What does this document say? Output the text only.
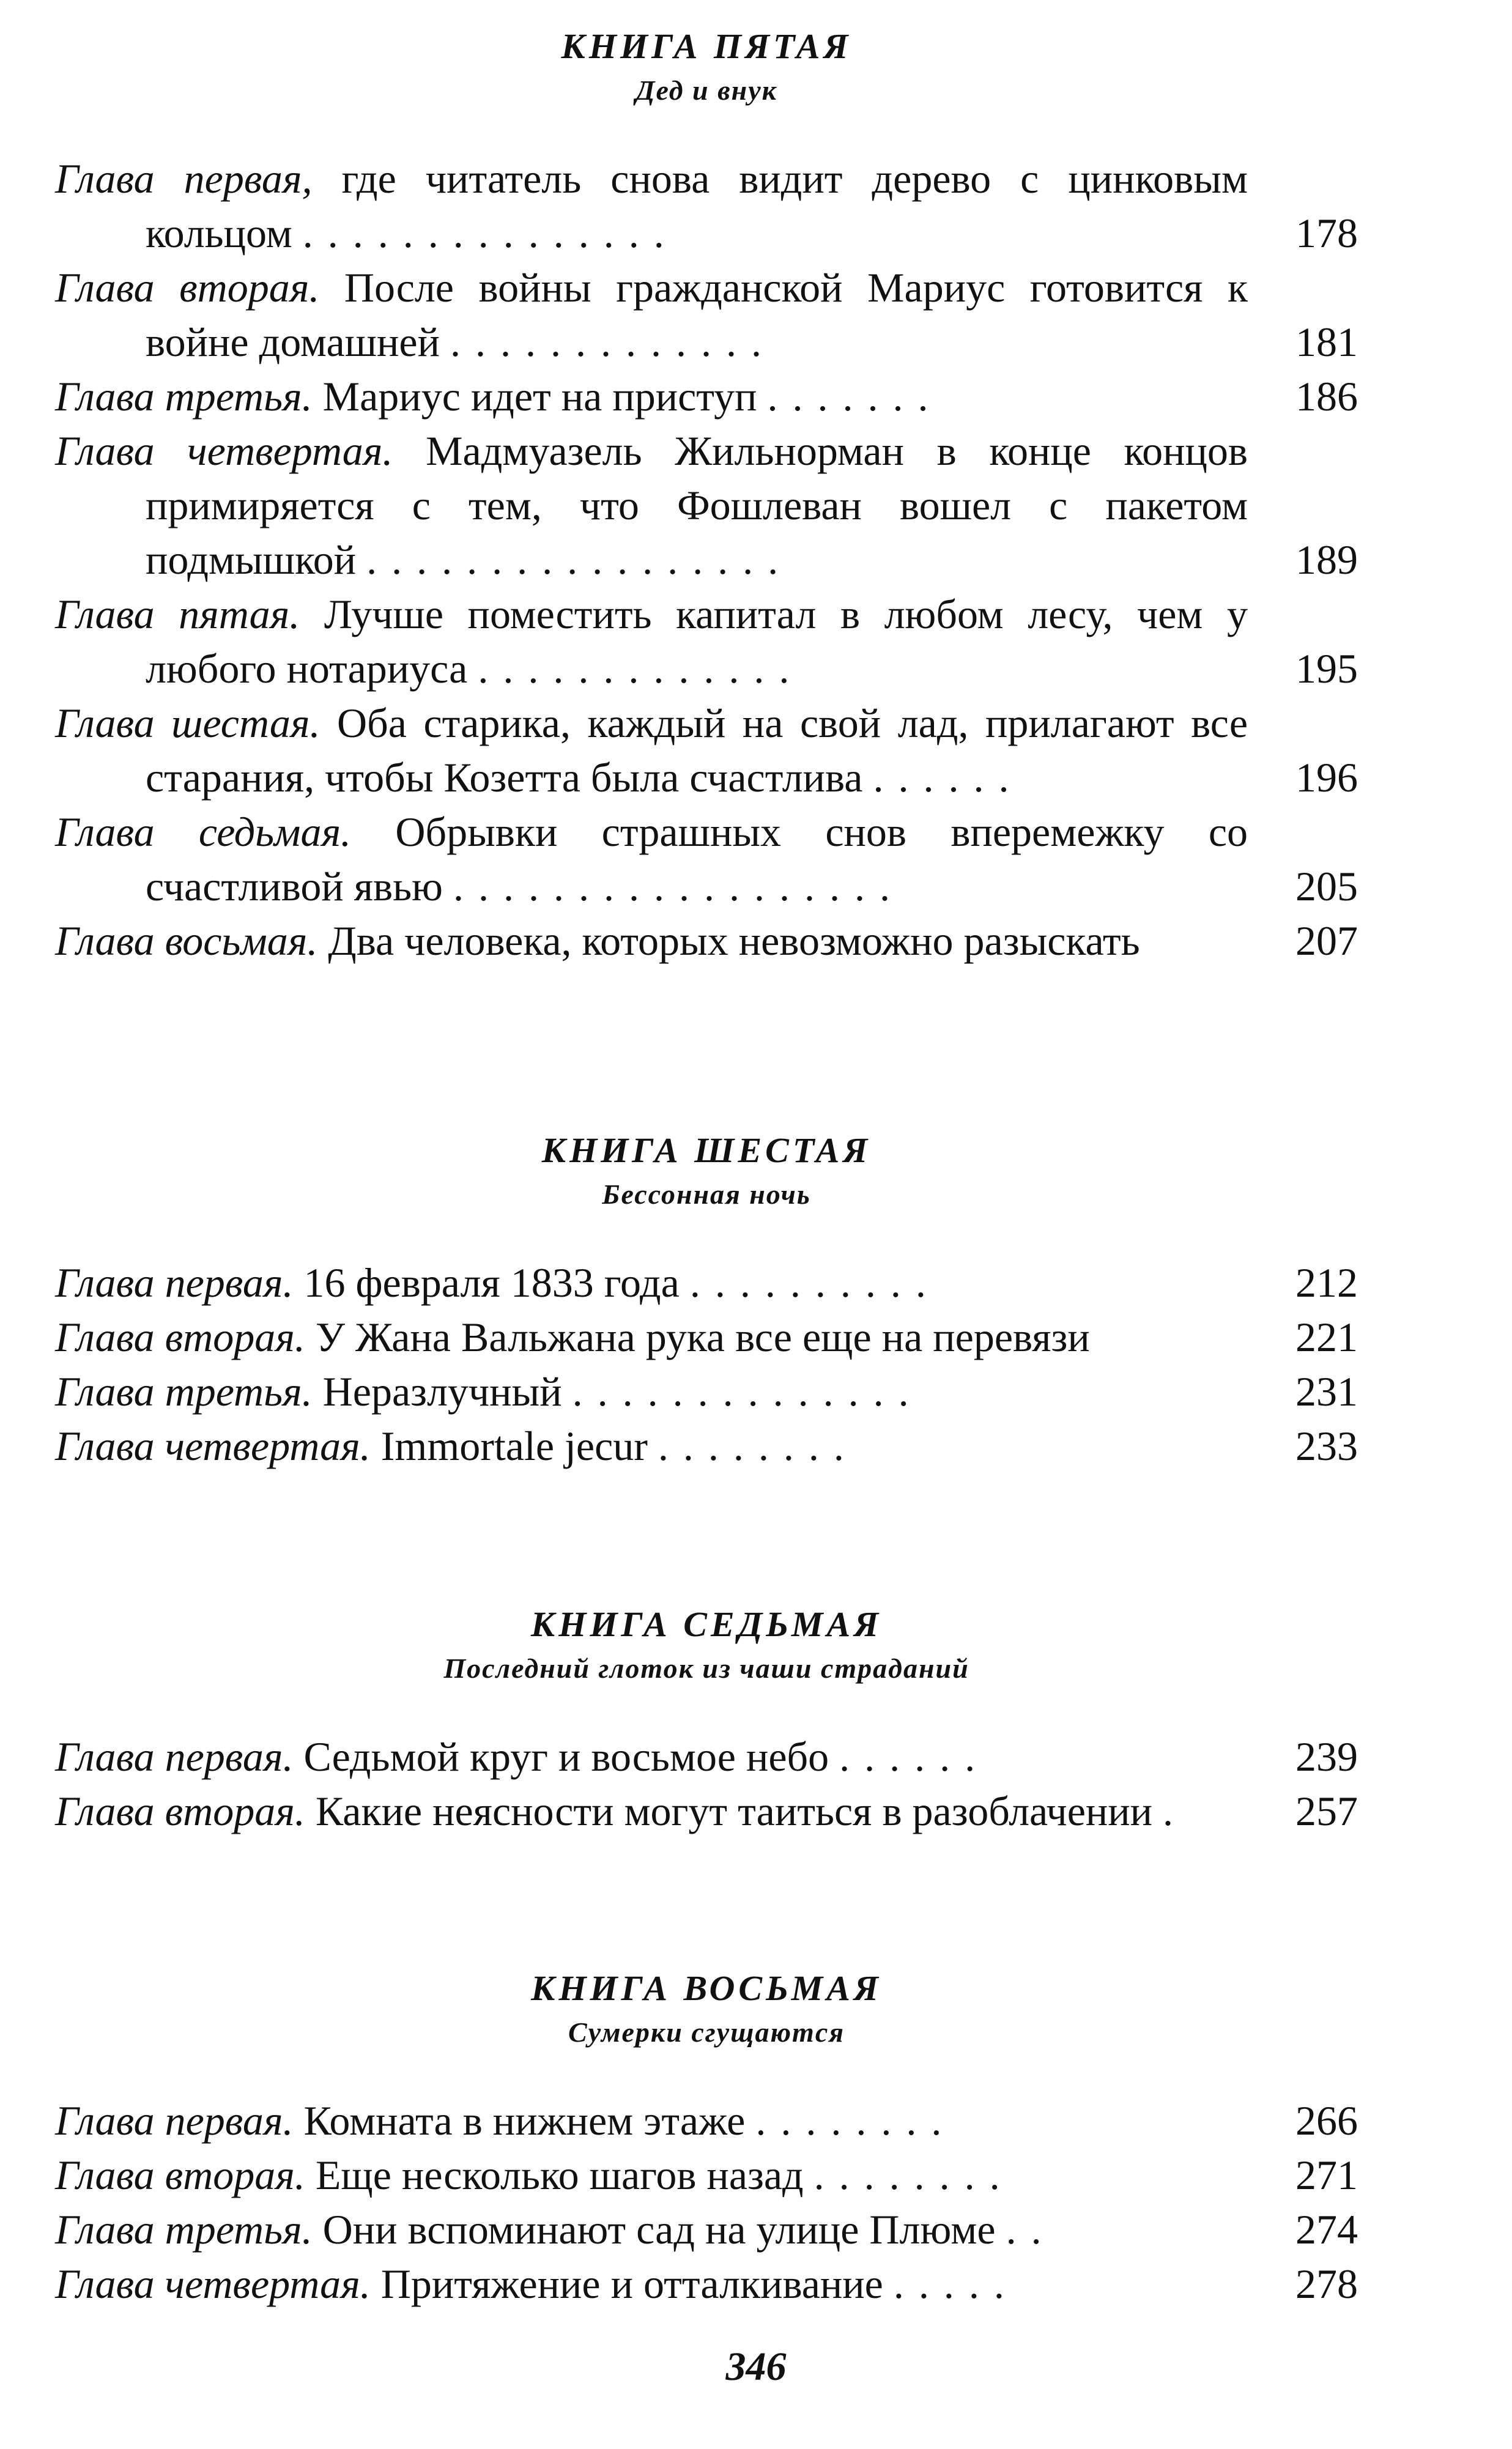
КНИГА ПЯТАЯ
Дед и внук
Глава первая, где читатель снова видит дерево с цинковым кольцом ...............	178
Глава вторая. После войны гражданской Мариус готовится к войне домашней .............	181
Глава третья. Мариус идет на приступ .......	186
Глава четвертая. Мадмуазель Жильнорман в конце концов примиряется с тем, что Фошлеван вошел с пакетом подмышкой .................	189
Глава пятая. Лучше поместить капитал в любом лесу, чем у любого нотариуса .............	195
Глава шестая. Оба старика, каждый на свой лад, прилагают все старания, чтобы Козетта была счастлива ......	196
Глава седьмая. Обрывки страшных снов вперемежку со счастливой явью ..................	205
Глава восьмая. Два человека, которых невозможно разыскать	207
КНИГА ШЕСТАЯ
Бессонная ночь
Глава первая. 16 февраля 1833 года ..........	212
Глава вторая. У Жана Вальжана рука все еще на перевязи	221
Глава третья. Неразлучный ..............	231
Глава четвертая. Immortale jecur ........	233
КНИГА СЕДЬМАЯ
Последний глоток из чаши страданий
Глава первая. Седьмой круг и восьмое небо ......	239
Глава вторая. Какие неясности могут таиться в разоблачении .	257
КНИГА ВОСЬМАЯ
Сумерки сгущаются
Глава первая. Комната в нижнем этаже ........	266
Глава вторая. Еще несколько шагов назад ........	271
Глава третья. Они вспоминают сад на улице Плюме ..	274
Глава четвертая. Притяжение и отталкивание .....	278
346
